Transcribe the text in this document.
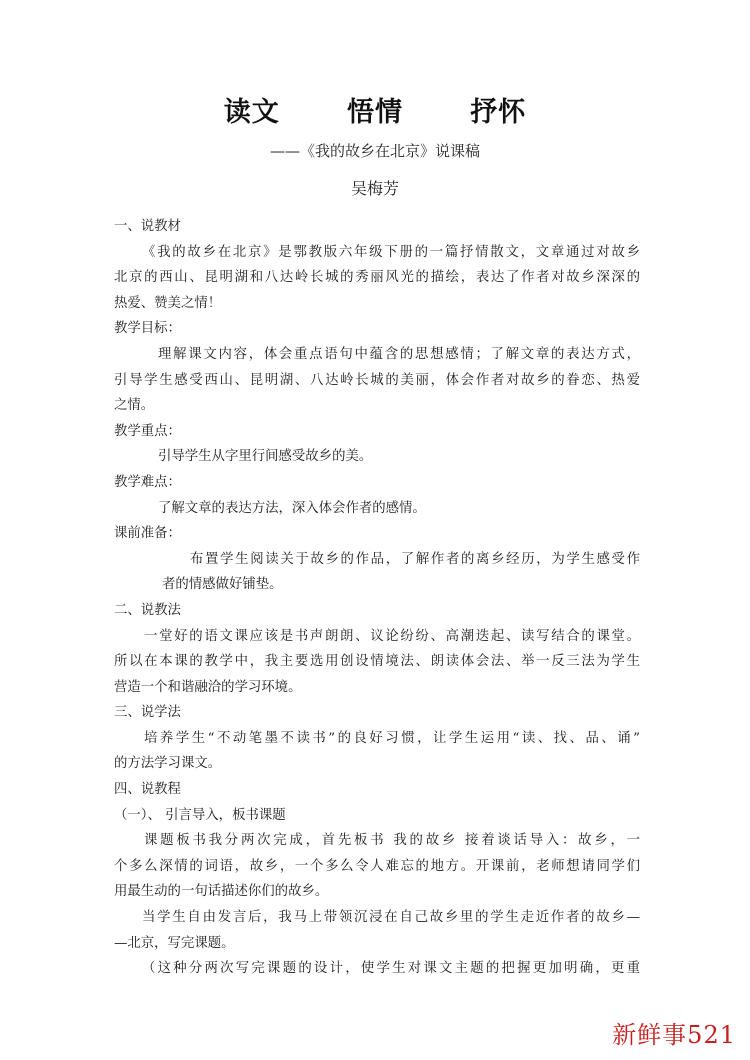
读文   悟情   抒怀
——《我的故乡在北京》说课稿
吴梅芳
一、说教材
《我的故乡在北京》是鄂教版六年级下册的一篇抒情散文，文章通过对故乡
北京的西山、昆明湖和八达岭长城的秀丽风光的描绘，表达了作者对故乡深深的
热爱、赞美之情！
教学目标：
理解课文内容，体会重点语句中蕴含的思想感情；了解文章的表达方式，
引导学生感受西山、昆明湖、八达岭长城的美丽，体会作者对故乡的眷恋、热爱
之情。
教学重点：
引导学生从字里行间感受故乡的美。
教学难点：
了解文章的表达方法，深入体会作者的感情。
课前准备：
布置学生阅读关于故乡的作品，了解作者的离乡经历，为学生感受作
者的情感做好铺垫。
二、说教法
一堂好的语文课应该是书声朗朗、议论纷纷、高潮迭起、读写结合的课堂。
所以在本课的教学中，我主要选用创设情境法、朗读体会法、举一反三法为学生
营造一个和谐融洽的学习环境。
三、说学法
培养学生“不动笔墨不读书”的良好习惯，让学生运用“读、找、品、诵”
的方法学习课文。
四、说教程
（一）、 引言导入，板书课题
课题板书我分两次完成，首先板书 我的故乡 接着谈话导入：故乡，一
个多么深情的词语，故乡，一个多么令人难忘的地方。开课前，老师想请同学们
用最生动的一句话描述你们的故乡。
当学生自由发言后，我马上带领沉浸在自己故乡里的学生走近作者的故乡—
—北京，写完课题。
（这种分两次写完课题的设计，使学生对课文主题的把握更加明确，更重
新鲜事521
